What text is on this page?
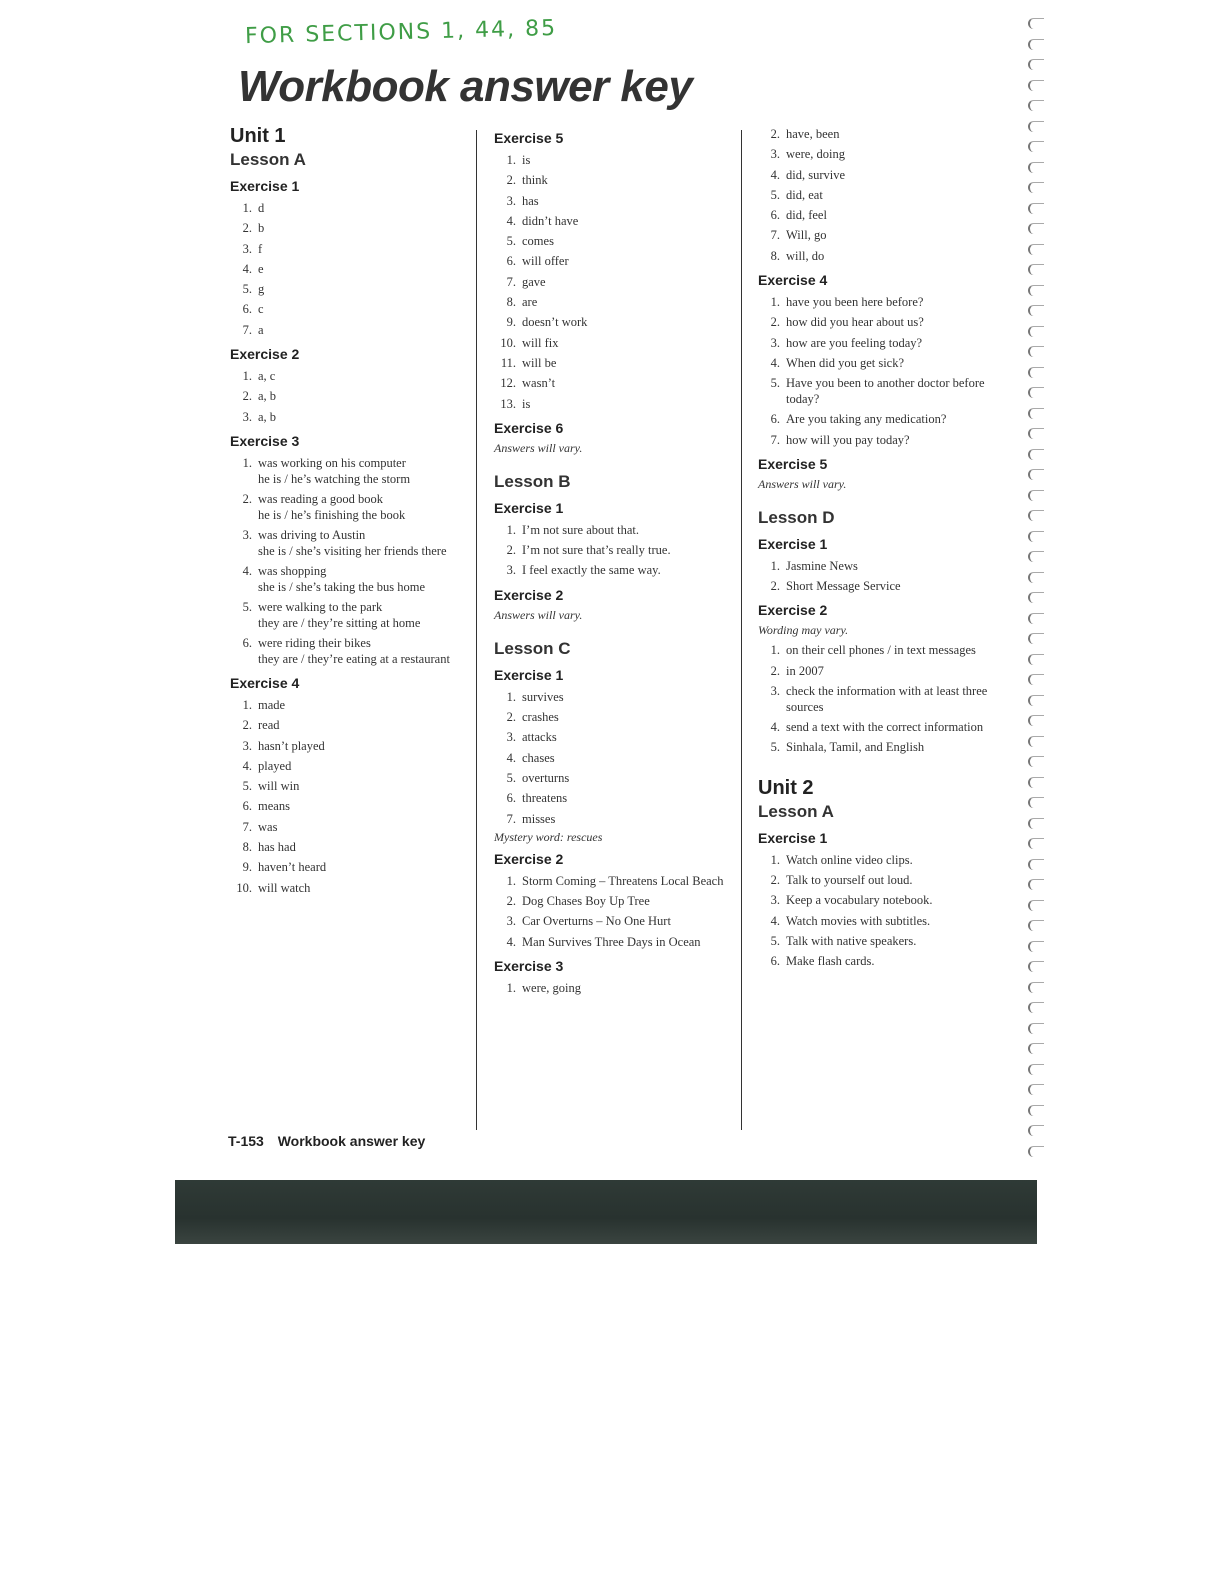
FOR SECTIONS 1, 44, 85
Workbook answer key
Unit 1
Lesson A
Exercise 1
1. d
2. b
3. f
4. e
5. g
6. c
7. a
Exercise 2
1. a, c
2. a, b
3. a, b
Exercise 3
1. was working on his computer
he is / he’s watching the storm
2. was reading a good book
he is / he’s finishing the book
3. was driving to Austin
she is / she’s visiting her friends there
4. was shopping
she is / she’s taking the bus home
5. were walking to the park
they are / they’re sitting at home
6. were riding their bikes
they are / they’re eating at a restaurant
Exercise 4
1. made
2. read
3. hasn’t played
4. played
5. will win
6. means
7. was
8. has had
9. haven’t heard
10. will watch
Exercise 5
1. is
2. think
3. has
4. didn’t have
5. comes
6. will offer
7. gave
8. are
9. doesn’t work
10. will fix
11. will be
12. wasn’t
13. is
Exercise 6
Answers will vary.
Lesson B
Exercise 1
1. I’m not sure about that.
2. I’m not sure that’s really true.
3. I feel exactly the same way.
Exercise 2
Answers will vary.
Lesson C
Exercise 1
1. survives
2. crashes
3. attacks
4. chases
5. overturns
6. threatens
7. misses
Mystery word: rescues
Exercise 2
1. Storm Coming – Threatens Local Beach
2. Dog Chases Boy Up Tree
3. Car Overturns – No One Hurt
4. Man Survives Three Days in Ocean
Exercise 3
1. were, going
2. have, been
3. were, doing
4. did, survive
5. did, eat
6. did, feel
7. Will, go
8. will, do
Exercise 4
1. have you been here before?
2. how did you hear about us?
3. how are you feeling today?
4. When did you get sick?
5. Have you been to another doctor before today?
6. Are you taking any medication?
7. how will you pay today?
Exercise 5
Answers will vary.
Lesson D
Exercise 1
1. Jasmine News
2. Short Message Service
Exercise 2
Wording may vary.
1. on their cell phones / in text messages
2. in 2007
3. check the information with at least three sources
4. send a text with the correct information
5. Sinhala, Tamil, and English
Unit 2
Lesson A
Exercise 1
1. Watch online video clips.
2. Talk to yourself out loud.
3. Keep a vocabulary notebook.
4. Watch movies with subtitles.
5. Talk with native speakers.
6. Make flash cards.
T-153 Workbook answer key
